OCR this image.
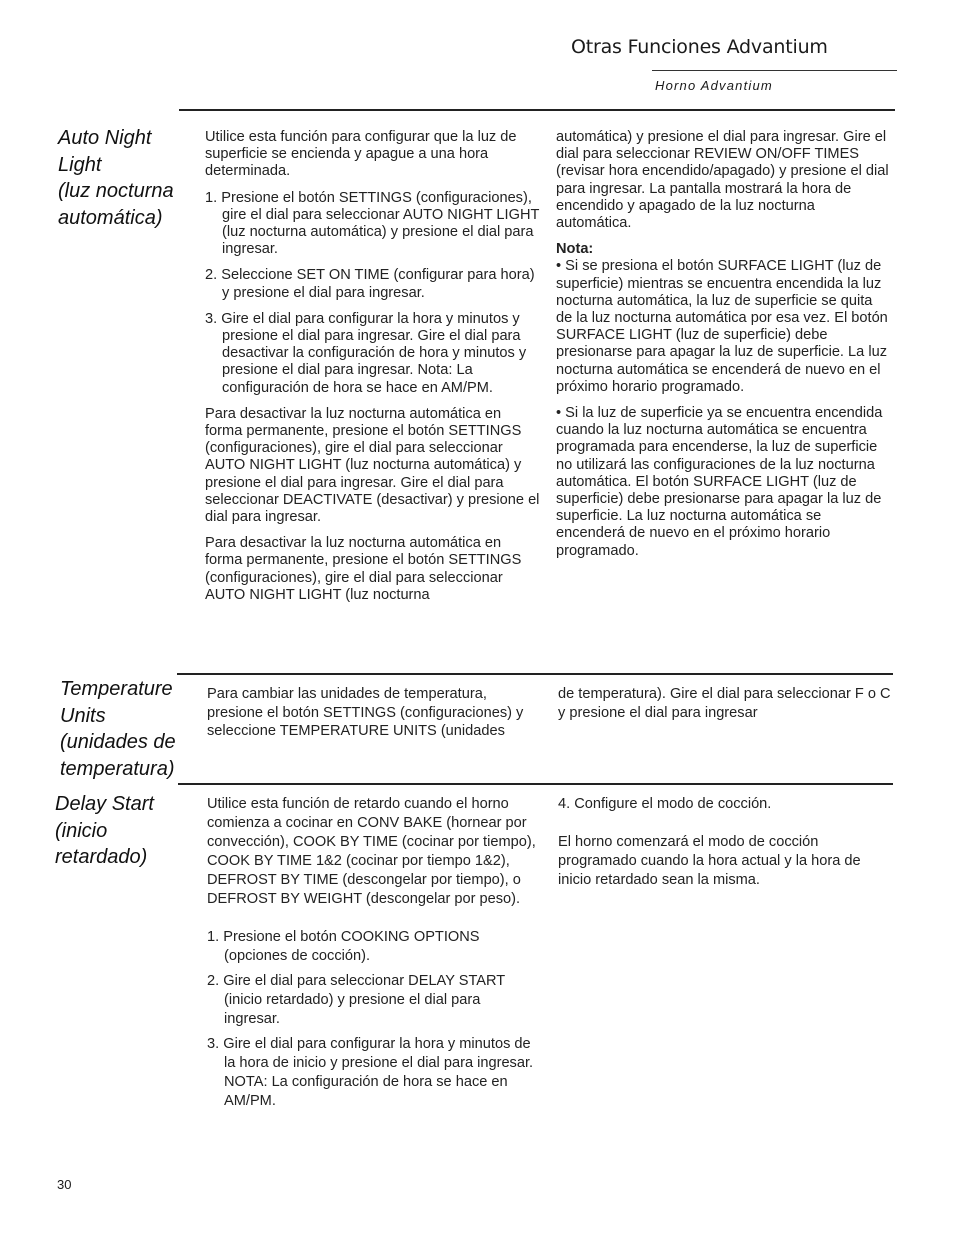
Otras Funciones Advantium
Horno Advantium
Auto Night
Light
(luz nocturna
automática)

Utilice esta función para configurar que la luz de superficie se encienda y apague a una hora determinada.

1. Presione el botón SETTINGS (configuraciones), gire el dial para seleccionar AUTO NIGHT LIGHT (luz nocturna automática) y presione el dial para ingresar.
2. Seleccione SET ON TIME (configurar para hora) y presione el dial para ingresar.
3. Gire el dial para configurar la hora y minutos y presione el dial para ingresar. Gire el dial para desactivar la configuración de hora y minutos y presione el dial para ingresar. Nota: La configuración de hora se hace en AM/PM.

Para desactivar la luz nocturna automática en forma permanente, presione el botón SETTINGS (configuraciones), gire el dial para seleccionar AUTO NIGHT LIGHT (luz nocturna automática) y presione el dial para ingresar. Gire el dial para seleccionar DEACTIVATE (desactivar) y presione el dial para ingresar.

Para desactivar la luz nocturna automática en forma permanente, presione el botón SETTINGS (configuraciones), gire el dial para seleccionar AUTO NIGHT LIGHT (luz nocturna

automática) y presione el dial para ingresar. Gire el dial para seleccionar REVIEW ON/OFF TIMES (revisar hora encendido/apagado) y presione el dial para ingresar. La pantalla mostrará la hora de encendido y apagado de la luz nocturna automática.

Nota:

• Si se presiona el botón SURFACE LIGHT (luz de superficie) mientras se encuentra encendida la luz nocturna automática, la luz de superficie se quita de la luz nocturna automática por esa vez. El botón SURFACE LIGHT (luz de superficie) debe presionarse para apagar la luz de superficie. La luz nocturna automática se encenderá de nuevo en el próximo horario programado.

• Si la luz de superficie ya se encuentra encendida cuando la luz nocturna automática se encuentra programada para encenderse, la luz de superficie no utilizará las configuraciones de la luz nocturna automática. El botón SURFACE LIGHT (luz de superficie) debe presionarse para apagar la luz de superficie. La luz nocturna automática se encenderá de nuevo en el próximo horario programado.

Temperature
Units
(unidades de
temperatura)

Para cambiar las unidades de temperatura, presione el botón SETTINGS (configuraciones) y seleccione TEMPERATURE UNITS (unidades

de temperatura). Gire el dial para seleccionar F o C y presione el dial para ingresar

Delay Start
(inicio
retardado)

Utilice esta función de retardo cuando el horno comienza a cocinar en CONV BAKE (hornear por convección), COOK BY TIME (cocinar por tiempo), COOK BY TIME 1&2 (cocinar por tiempo 1&2), DEFROST BY TIME (descongelar por tiempo), o DEFROST BY WEIGHT (descongelar por peso).

1. Presione el botón COOKING OPTIONS (opciones de cocción).
2. Gire el dial para seleccionar DELAY START (inicio retardado) y presione el dial para ingresar.
3. Gire el dial para configurar la hora y minutos de la hora de inicio y presione el dial para ingresar. NOTA: La configuración de hora se hace en AM/PM.

4. Configure el modo de cocción.

El horno comenzará el modo de cocción programado cuando la hora actual y la hora de inicio retardado sean la misma.

30
